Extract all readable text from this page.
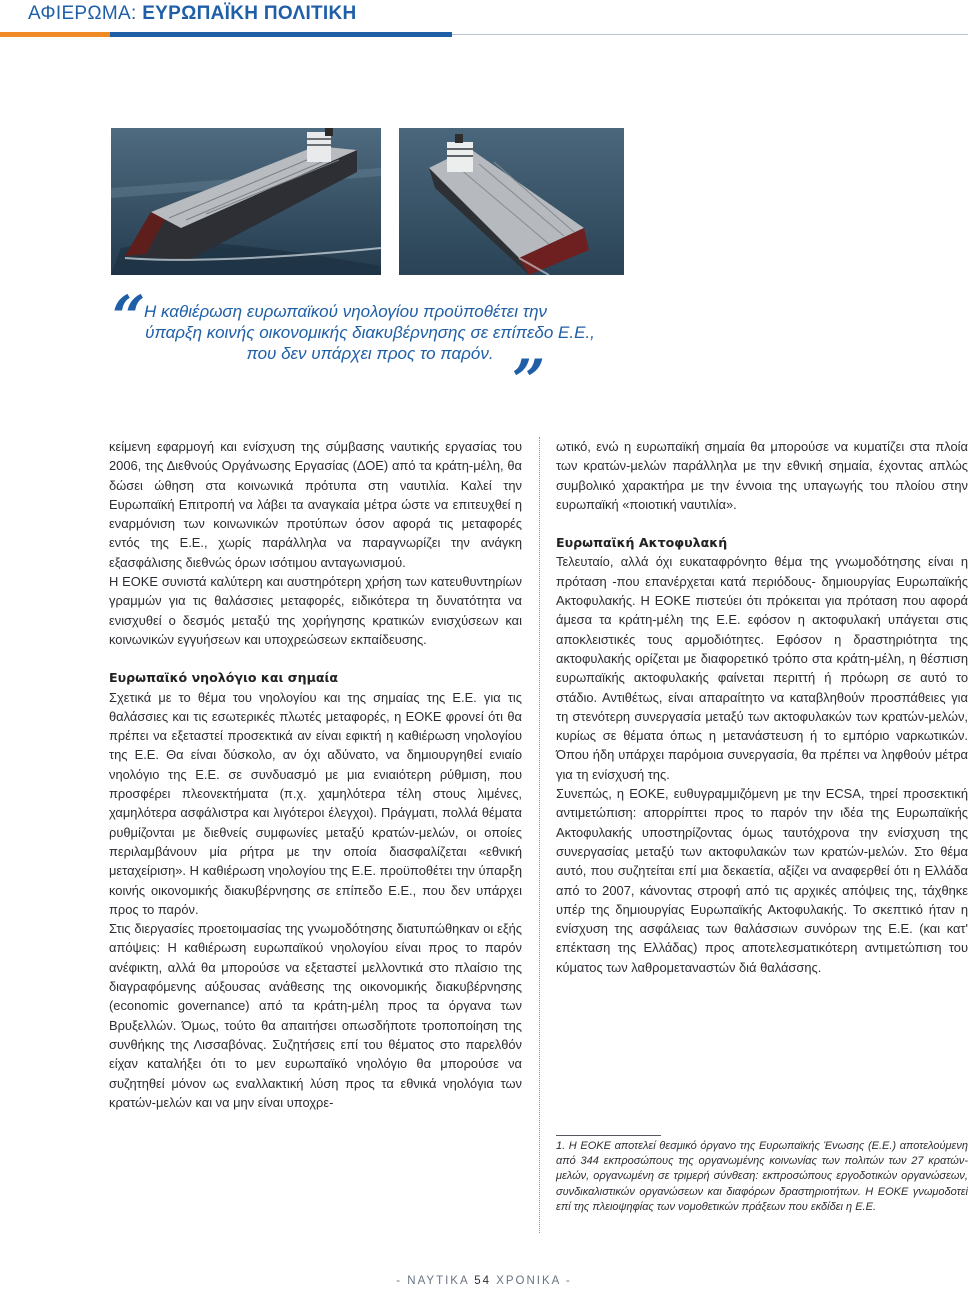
ΑΦΙΕΡΩΜΑ: ΕΥΡΩΠΑΪΚΗ ΠΟΛΙΤΙΚΗ
“
Η καθιέρωση ευρωπαϊκού νηολογίου προϋποθέτει την
ύπαρξη κοινής οικονομικής διακυβέρνησης σε επίπεδο Ε.Ε.,
που δεν υπάρχει προς το παρόν. ”

κείμενη εφαρμογή και ενίσχυση της σύμβασης ναυτικής εργασίας του 2006, της Διεθνούς Οργάνωσης Εργασίας (ΔΟΕ) από τα κράτη-μέλη, θα δώσει ώθηση στα κοινωνικά πρότυπα στη ναυτιλία. Καλεί την Ευρωπαϊκή Επιτροπή να λάβει τα αναγκαία μέτρα ώστε να επιτευχθεί η εναρμόνιση των κοινωνικών προτύπων όσον αφορά τις μεταφορές εντός της Ε.Ε., χωρίς παράλληλα να παραγνωρίζει την ανάγκη εξασφάλισης διεθνώς όρων ισότιμου ανταγωνισμού.

Η ΕΟΚΕ συνιστά καλύτερη και αυστηρότερη χρήση των κατευθυντηρίων γραμμών για τις θαλάσσιες μεταφορές, ειδικότερα τη δυνατότητα να ενισχυθεί ο δεσμός μεταξύ της χορήγησης κρατικών ενισχύσεων και κοινωνικών εγγυήσεων και υποχρεώσεων εκπαίδευσης.

Ευρωπαϊκό νηολόγιο και σημαία

Σχετικά με το θέμα του νηολογίου και της σημαίας της Ε.Ε. για τις θαλάσσιες και τις εσωτερικές πλωτές μεταφορές, η ΕΟΚΕ φρονεί ότι θα πρέπει να εξεταστεί προσεκτικά αν είναι εφικτή η καθιέρωση νηολογίου της Ε.Ε. Θα είναι δύσκολο, αν όχι αδύνατο, να δημιουργηθεί ενιαίο νηολόγιο της Ε.Ε. σε συνδυασμό με μια ενιαιότερη ρύθμιση, που προσφέρει πλεονεκτήματα (π.χ. χαμηλότερα τέλη στους λιμένες, χαμηλότερα ασφάλιστρα και λιγότεροι έλεγχοι). Πράγματι, πολλά θέματα ρυθμίζονται με διεθνείς συμφωνίες μεταξύ κρατών-μελών, οι οποίες περιλαμβάνουν μία ρήτρα με την οποία διασφαλίζεται «εθνική μεταχείριση». Η καθιέρωση νηολογίου της Ε.Ε. προϋποθέτει την ύπαρξη κοινής οικονομικής διακυβέρνησης σε επίπεδο Ε.Ε., που δεν υπάρχει προς το παρόν.

Στις διεργασίες προετοιμασίας της γνωμοδότησης διατυπώθηκαν οι εξής απόψεις: Η καθιέρωση ευρωπαϊκού νηολογίου είναι προς το παρόν ανέφικτη, αλλά θα μπορούσε να εξεταστεί μελλοντικά στο πλαίσιο της διαγραφόμενης αύξουσας ανάθεσης της οικονομικής διακυβέρνησης (economic governance) από τα κράτη-μέλη προς τα όργανα των Βρυξελλών. Όμως, τούτο θα απαιτήσει οπωσδήποτε τροποποίηση της συνθήκης της Λισσαβόνας. Συζητήσεις επί του θέματος στο παρελθόν είχαν καταλήξει ότι το μεν ευρωπαϊκό νηολόγιο θα μπορούσε να συζητηθεί μόνον ως εναλλακτική λύση προς τα εθνικά νηολόγια των κρατών-μελών και να μην είναι υποχρε-

ωτικό, ενώ η ευρωπαϊκή σημαία θα μπορούσε να κυματίζει στα πλοία των κρατών-μελών παράλληλα με την εθνική σημαία, έχοντας απλώς συμβολικό χαρακτήρα με την έννοια της υπαγωγής του πλοίου στην ευρωπαϊκή «ποιοτική ναυτιλία».

Ευρωπαϊκή Ακτοφυλακή

Τελευταίο, αλλά όχι ευκαταφρόνητο θέμα της γνωμοδότησης είναι η πρόταση -που επανέρχεται κατά περιόδους- δημιουργίας Ευρωπαϊκής Ακτοφυλακής. Η ΕΟΚΕ πιστεύει ότι πρόκειται για πρόταση που αφορά άμεσα τα κράτη-μέλη της Ε.Ε. εφόσον η ακτοφυλακή υπάγεται στις αποκλειστικές τους αρμοδιότητες. Εφόσον η δραστηριότητα της ακτοφυλακής ορίζεται με διαφορετικό τρόπο στα κράτη-μέλη, η θέσπιση ευρωπαϊκής ακτοφυλακής φαίνεται περιττή ή πρόωρη σε αυτό το στάδιο. Αντιθέτως, είναι απαραίτητο να καταβληθούν προσπάθειες για τη στενότερη συνεργασία μεταξύ των ακτοφυλακών των κρατών-μελών, κυρίως σε θέματα όπως η μετανάστευση ή το εμπόριο ναρκωτικών. Όπου ήδη υπάρχει παρόμοια συνεργασία, θα πρέπει να ληφθούν μέτρα για τη ενίσχυσή της.

Συνεπώς, η ΕΟΚΕ, ευθυγραμμιζόμενη με την ECSA, τηρεί προσεκτική αντιμετώπιση: απορρίπτει προς το παρόν την ιδέα της Ευρωπαϊκής Ακτοφυλακής υποστηρίζοντας όμως ταυτόχρονα την ενίσχυση της συνεργασίας μεταξύ των ακτοφυλακών των κρατών-μελών. Στο θέμα αυτό, που συζητείται επί μια δεκαετία, αξίζει να αναφερθεί ότι η Ελλάδα από το 2007, κάνοντας στροφή από τις αρχικές απόψεις της, τάχθηκε υπέρ της δημιουργίας Ευρωπαϊκής Ακτοφυλακής. Το σκεπτικό ήταν η ενίσχυση της ασφάλειας των θαλάσσιων συνόρων της Ε.Ε. (και κατ' επέκταση της Ελλάδας) προς αποτελεσματικότερη αντιμετώπιση του κύματος των λαθρομεταναστών διά θαλάσσης.

1. Η ΕΟΚΕ αποτελεί θεσμικό όργανο της Ευρωπαϊκής Ένωσης (Ε.Ε.) αποτελούμενη από 344 εκπροσώπους της οργανωμένης κοινωνίας των πολιτών των 27 κρατών-μελών, οργανωμένη σε τριμερή σύνθεση: εκπροσώπους εργοδοτικών οργανώσεων, συνδικαλιστικών οργανώσεων και διαφόρων δραστηριοτήτων. Η ΕΟΚΕ γνωμοδοτεί επί της πλειοψηφίας των νομοθετικών πράξεων που εκδίδει η Ε.Ε.

- ΝΑΥΤΙΚΑ 54 ΧΡΟΝΙΚΑ -
